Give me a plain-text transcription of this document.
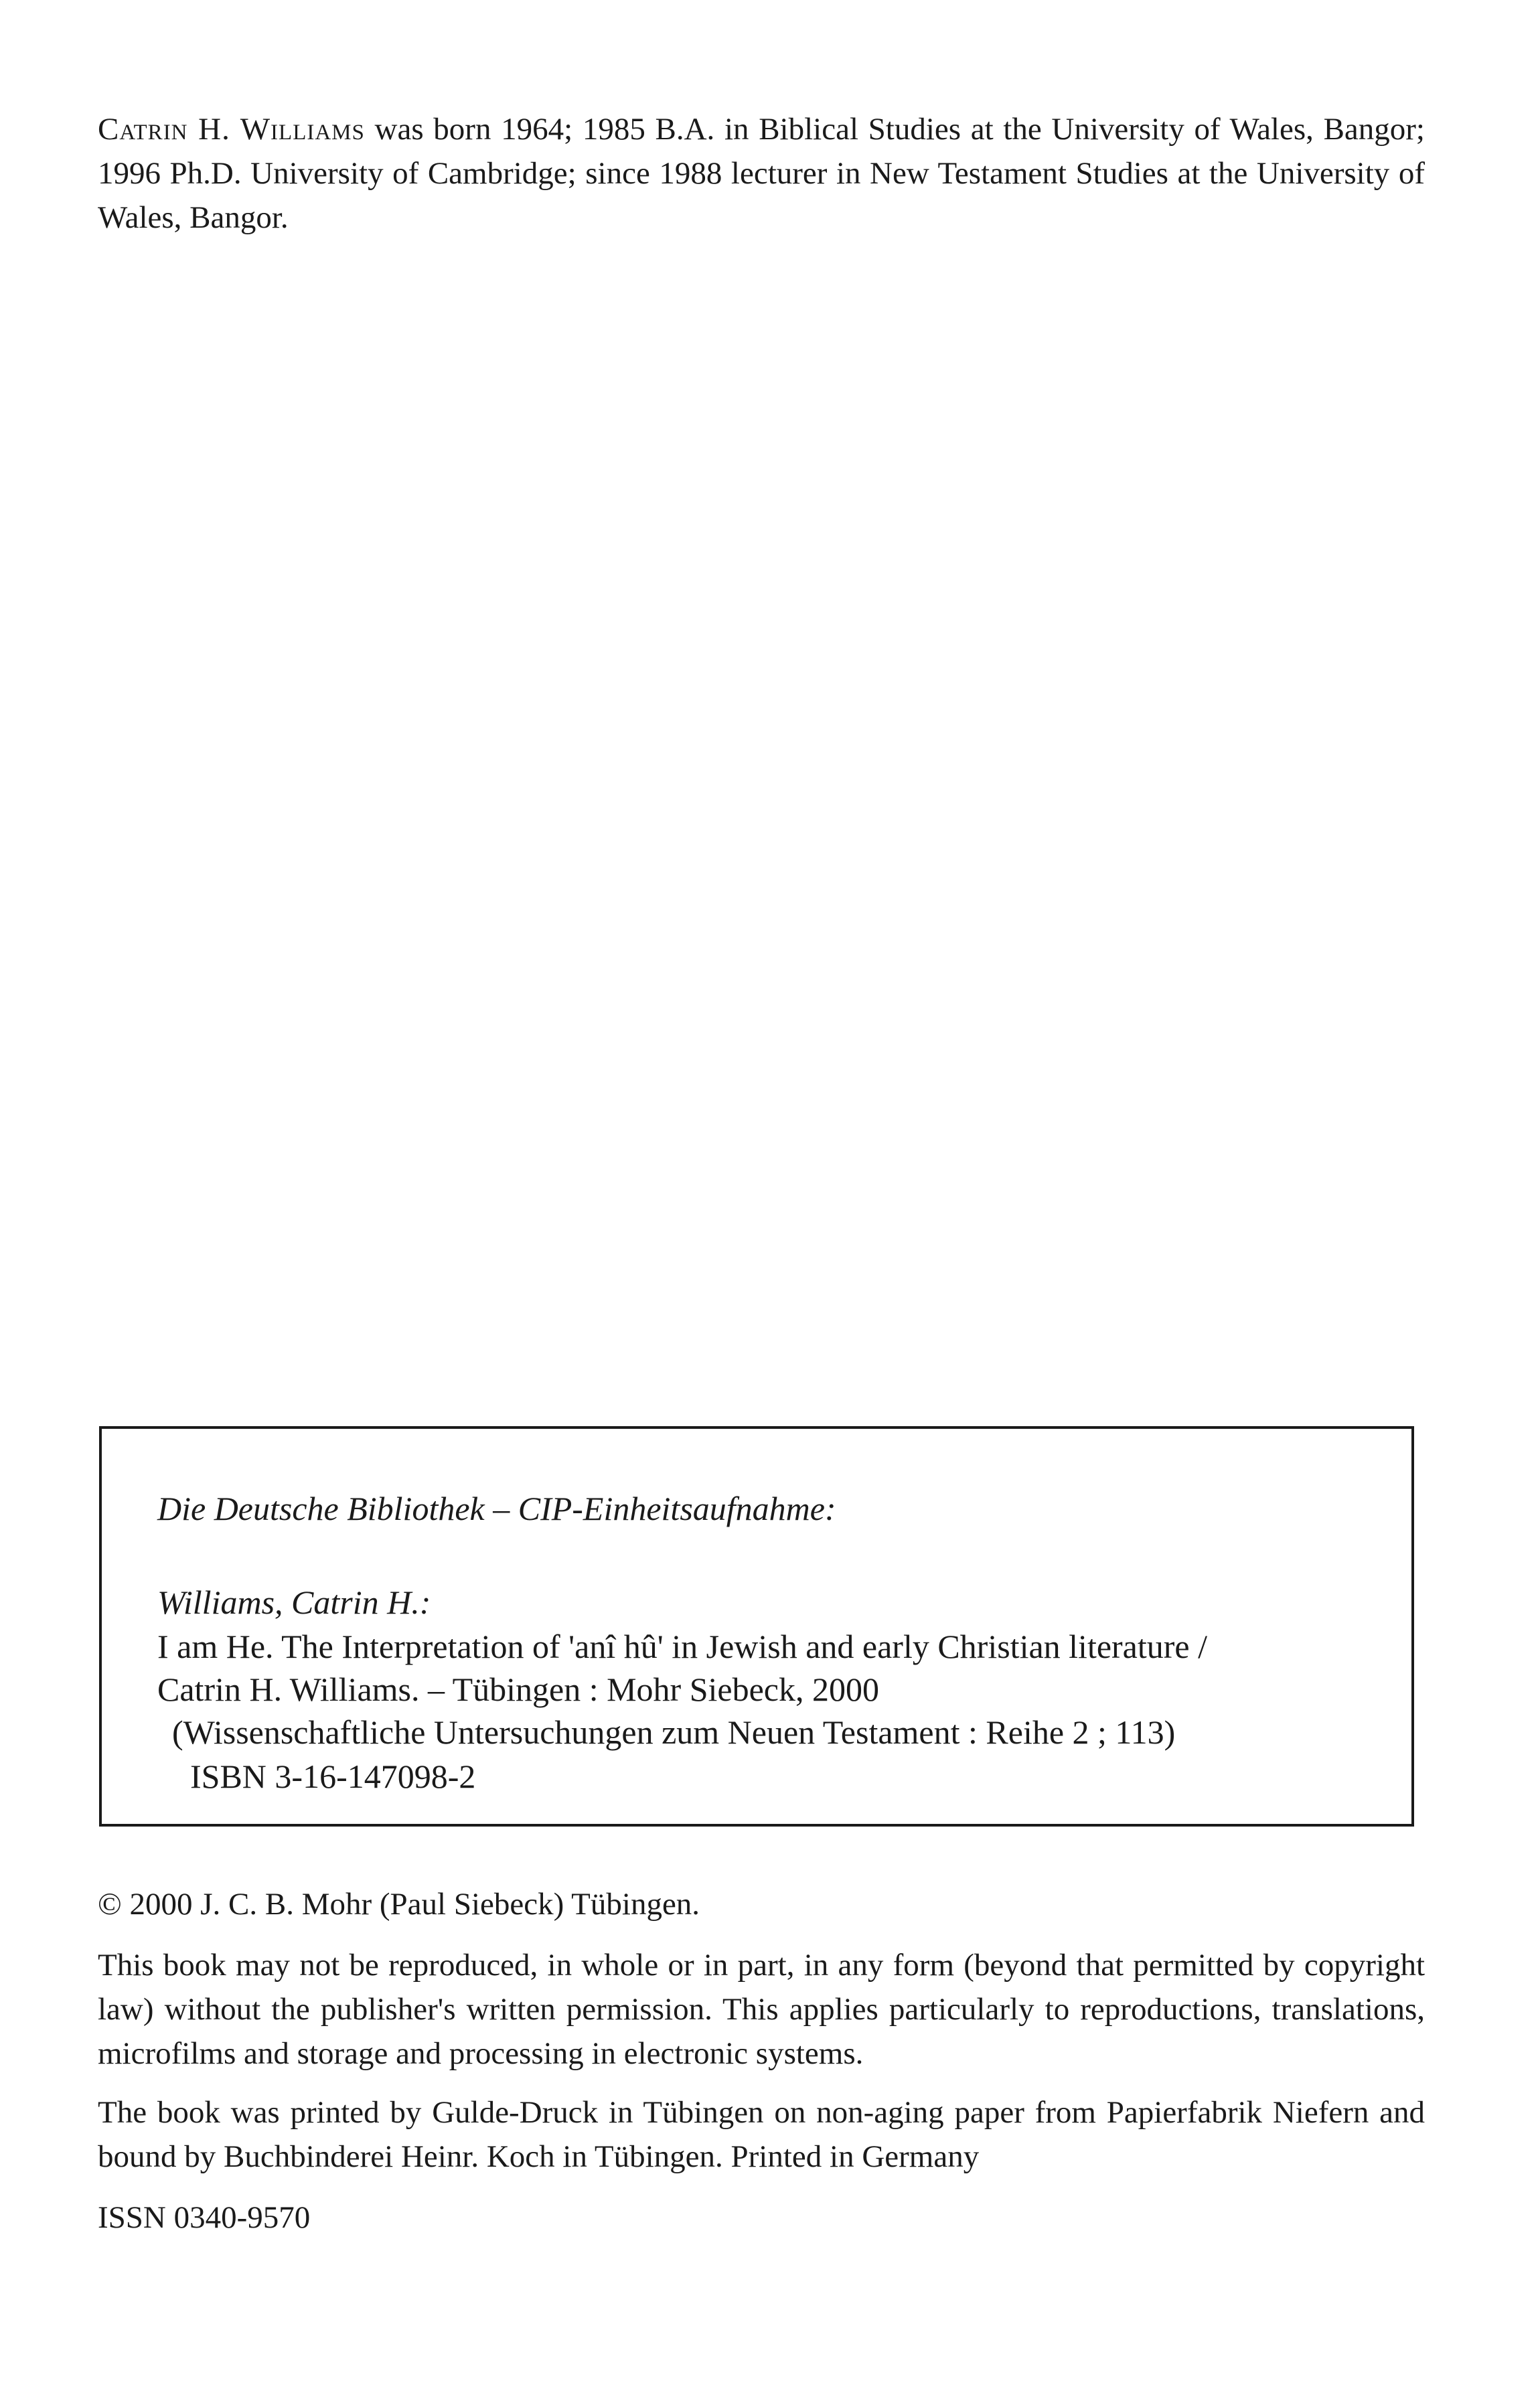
Catrin H. Williams was born 1964; 1985 B.A. in Biblical Studies at the University of Wales, Bangor; 1996 Ph.D. University of Cambridge; since 1988 lecturer in New Testament Studies at the University of Wales, Bangor.

Die Deutsche Bibliothek – CIP-Einheitsaufnahme:
Williams, Catrin H.:
I am He. The Interpretation of 'anî hû' in Jewish and early Christian literature /
Catrin H. Williams. – Tübingen : Mohr Siebeck, 2000
(Wissenschaftliche Untersuchungen zum Neuen Testament : Reihe 2 ; 113)
ISBN 3-16-147098-2
© 2000 J. C. B. Mohr (Paul Siebeck) Tübingen.

This book may not be reproduced, in whole or in part, in any form (beyond that permitted by copyright law) without the publisher's written permission. This applies particularly to reproductions, translations, microfilms and storage and processing in electronic systems.

The book was printed by Gulde-Druck in Tübingen on non-aging paper from Papierfabrik Niefern and bound by Buchbinderei Heinr. Koch in Tübingen. Printed in Germany

ISSN 0340-9570
